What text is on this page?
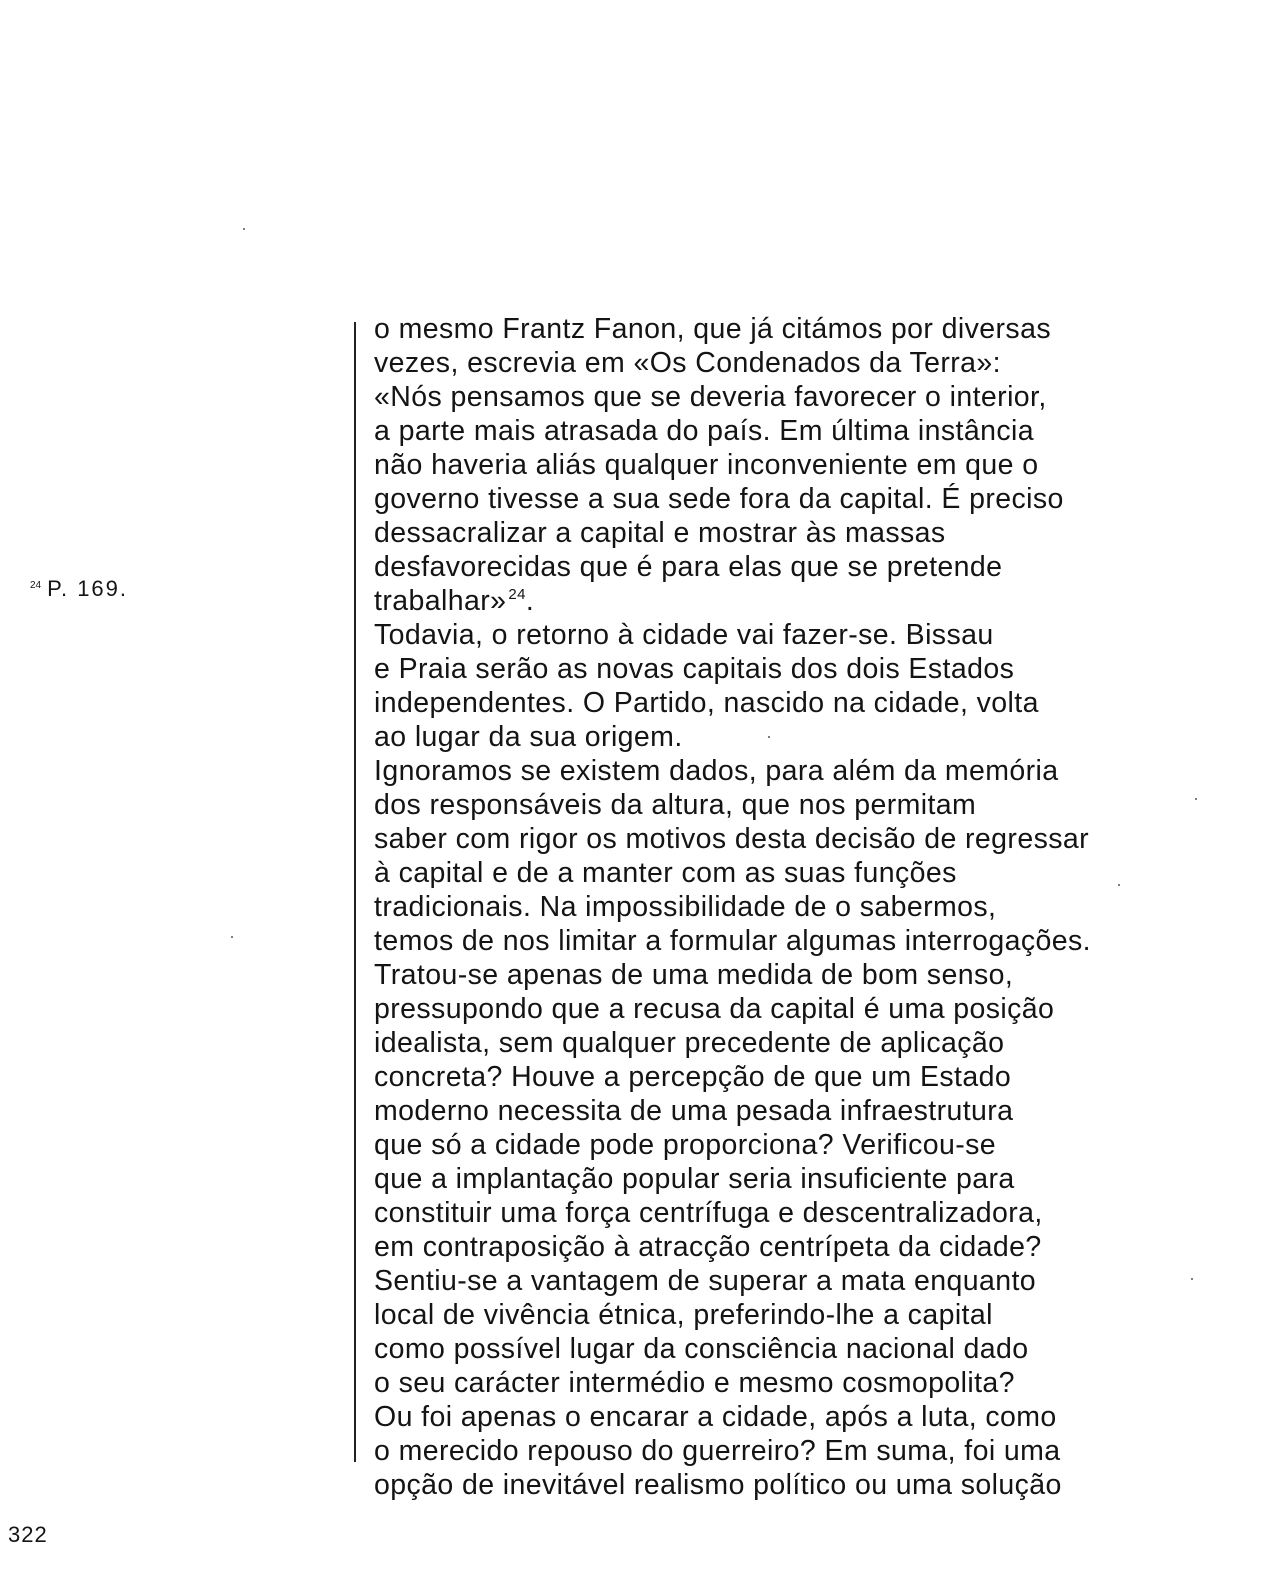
$^{24}$ P. 169.
o mesmo Frantz Fanon, que já citámos por diversas
vezes, escrevia em «Os Condenados da Terra»:
«Nós pensamos que se deveria favorecer o interior,
a parte mais atrasada do país. Em última instância
não haveria aliás qualquer inconveniente em que o
governo tivesse a sua sede fora da capital. É preciso
dessacralizar a capital e mostrar às massas
desfavorecidas que é para elas que se pretende
trabalhar» $^{24}$.
Todavia, o retorno à cidade vai fazer-se. Bissau
e Praia serão as novas capitais dos dois Estados
independentes. O Partido, nascido na cidade, volta
ao lugar da sua origem.
Ignoramos se existem dados, para além da memória
dos responsáveis da altura, que nos permitam
saber com rigor os motivos desta decisão de regressar
à capital e de a manter com as suas funções
tradicionais. Na impossibilidade de o sabermos,
temos de nos limitar a formular algumas interrogações.
Tratou-se apenas de uma medida de bom senso,
pressupondo que a recusa da capital é uma posição
idealista, sem qualquer precedente de aplicação
concreta? Houve a percepção de que um Estado
moderno necessita de uma pesada infraestrutura
que só a cidade pode proporciona? Verificou-se
que a implantação popular seria insuficiente para
constituir uma força centrífuga e descentralizadora,
em contraposição à atracção centrípeta da cidade?
Sentiu-se a vantagem de superar a mata enquanto
local de vivência étnica, preferindo-lhe a capital
como possível lugar da consciência nacional dado
o seu carácter intermédio e mesmo cosmopolita?
Ou foi apenas o encarar a cidade, após a luta, como
o merecido repouso do guerreiro? Em suma, foi uma
opção de inevitável realismo político ou uma solução
322
